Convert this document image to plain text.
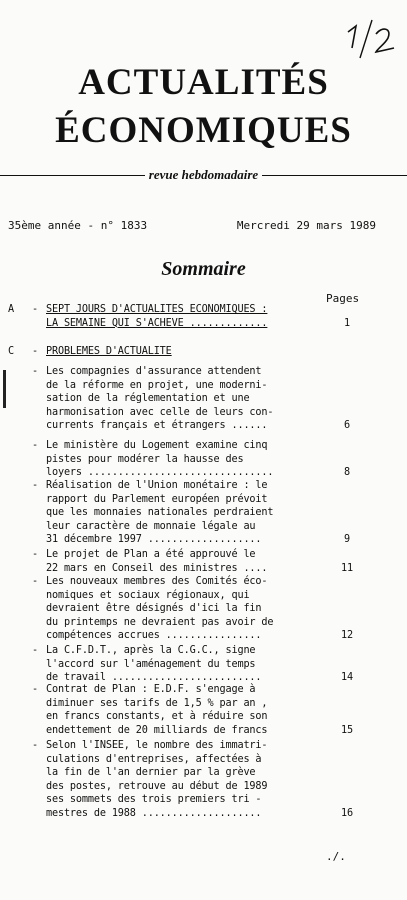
ACTUALITÉS
ÉCONOMIQUES
revue hebdomadaire
35ème année - n° 1833	Mercredi 29 mars 1989
Sommaire
Pages
A - SEPT JOURS D'ACTUALITES ECONOMIQUES :
LA SEMAINE QUI S'ACHEVE .............	1
C - PROBLEMES D'ACTUALITE
- Les compagnies d'assurance attendent
de la réforme en projet, une moderni-
sation de la réglementation et une
harmonisation avec celle de leurs con-
currents français et étrangers ......	6
- Le ministère du Logement examine cinq
pistes pour modérer la hausse des
loyers ...............................	8
- Réalisation de l'Union monétaire : le
rapport du Parlement européen prévoit
que les monnaies nationales perdraient
leur caractère de monnaie légale au
31 décembre 1997 ...................	9
- Le projet de Plan a été approuvé le
22 mars en Conseil des ministres ....	11
- Les nouveaux membres des Comités éco-
nomiques et sociaux régionaux, qui
devraient être désignés d'ici la fin
du printemps ne devraient pas avoir de
compétences accrues ................	12
- La C.F.D.T., après la C.G.C., signe
l'accord sur l'aménagement du temps
de travail .........................	14
- Contrat de Plan : E.D.F. s'engage à
diminuer ses tarifs de 1,5 % par an ,
en francs constants, et à réduire son
endettement de 20 milliards de francs	15
- Selon l'INSEE, le nombre des immatri-
culations d'entreprises, affectées à
la fin de l'an dernier par la grève
des postes, retrouve au début de 1989
ses sommets des trois premiers tri -
mestres de 1988 ....................	16
./.
